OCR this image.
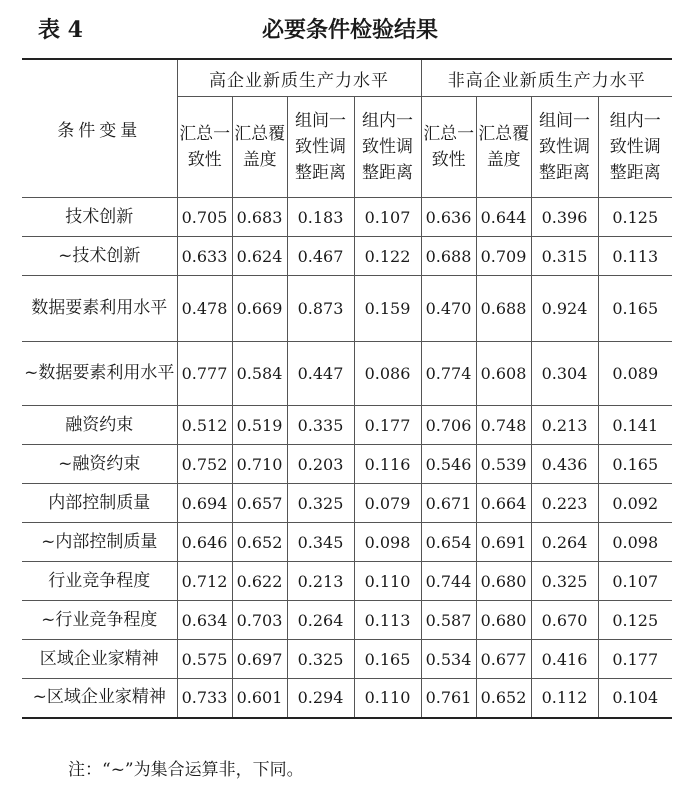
表 4	必要条件检验结果
条件变量	高企业新质生产力水平				非高企业新质生产力水平			
	汇总一致性	汇总覆盖度	组间一致性调整距离	组内一致性调整距离	汇总一致性	汇总覆盖度	组间一致性调整距离	组内一致性调整距离
技术创新	0.705	0.683	0.183	0.107	0.636	0.644	0.396	0.125
~技术创新	0.633	0.624	0.467	0.122	0.688	0.709	0.315	0.113
数据要素利用水平	0.478	0.669	0.873	0.159	0.470	0.688	0.924	0.165
~数据要素利用水平	0.777	0.584	0.447	0.086	0.774	0.608	0.304	0.089
融资约束	0.512	0.519	0.335	0.177	0.706	0.748	0.213	0.141
~融资约束	0.752	0.710	0.203	0.116	0.546	0.539	0.436	0.165
内部控制质量	0.694	0.657	0.325	0.079	0.671	0.664	0.223	0.092
~内部控制质量	0.646	0.652	0.345	0.098	0.654	0.691	0.264	0.098
行业竞争程度	0.712	0.622	0.213	0.110	0.744	0.680	0.325	0.107
~行业竞争程度	0.634	0.703	0.264	0.113	0.587	0.680	0.670	0.125
区域企业家精神	0.575	0.697	0.325	0.165	0.534	0.677	0.416	0.177
~区域企业家精神	0.733	0.601	0.294	0.110	0.761	0.652	0.112	0.104
注：“~”为集合运算非，下同。
